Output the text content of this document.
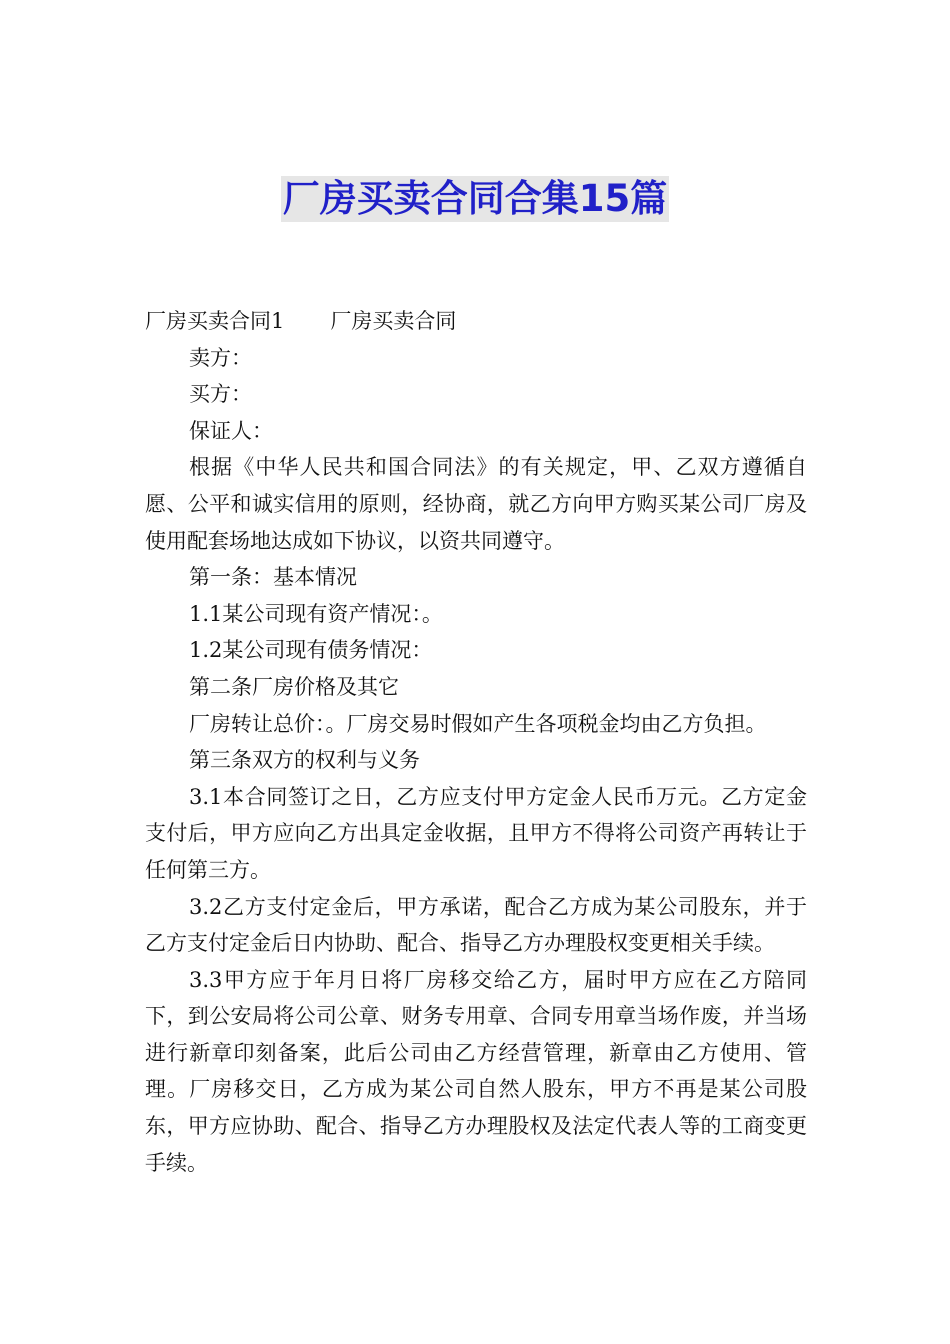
厂房买卖合同合集15篇

厂房买卖合同1 厂房买卖合同

卖方：

买方：

保证人：

根据《中华人民共和国合同法》的有关规定，甲、乙双方遵循自愿、公平和诚实信用的原则，经协商，就乙方向甲方购买某公司厂房及使用配套场地达成如下协议，以资共同遵守。

第一条：基本情况

1.1某公司现有资产情况：。

1.2某公司现有债务情况：

第二条厂房价格及其它

厂房转让总价：。厂房交易时假如产生各项税金均由乙方负担。

第三条双方的权利与义务

3.1本合同签订之日，乙方应支付甲方定金人民币万元。乙方定金支付后，甲方应向乙方出具定金收据，且甲方不得将公司资产再转让于任何第三方。

3.2乙方支付定金后，甲方承诺，配合乙方成为某公司股东，并于乙方支付定金后日内协助、配合、指导乙方办理股权变更相关手续。

3.3甲方应于年月日将厂房移交给乙方，届时甲方应在乙方陪同下，到公安局将公司公章、财务专用章、合同专用章当场作废，并当场进行新章印刻备案，此后公司由乙方经营管理，新章由乙方使用、管理。厂房移交日，乙方成为某公司自然人股东，甲方不再是某公司股东，甲方应协助、配合、指导乙方办理股权及法定代表人等的工商变更手续。
